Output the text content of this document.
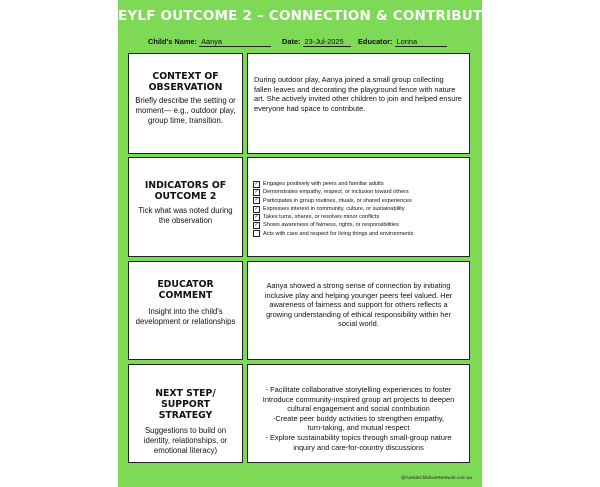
EYLF OUTCOME 2 – CONNECTION & CONTRIBUTION SNAPSHOT
Child's Name: Aanya	Date: 23-Jul-2025	Educator: Lorina
CONTEXT OF OBSERVATION
Briefly describe the setting or moment— e.g., outdoor play, group time, transition.
During outdoor play, Aanya joined a small group collecting fallen leaves and decorating the playground fence with nature art. She actively invited other children to join and helped ensure everyone had space to contribute.
INDICATORS OF OUTCOME 2
Tick what was noted during the observation
✓ Engages positively with peers and familiar adults
✓ Demonstrates empathy, respect, or inclusion toward others
✓ Participates in group routines, rituals, or shared experiences
✓ Expresses interest in community, culture, or sustainability
✓ Takes turns, shares, or resolves minor conflicts
✓ Shows awareness of fairness, rights, or responsibilities
Acts with care and respect for living things and environments
EDUCATOR COMMENT
Insight into the child's development or relationships
Aanya showed a strong sense of connection by initiating inclusive play and helping younger peers feel valued. Her awareness of fairness and support for others reflects a growing understanding of ethical responsibility within her social world.
NEXT STEP/ SUPPORT STRATEGY
Suggestions to build on identity, relationships, or emotional literacy)
- Facilitate collaborative storytelling experiences to foster
Introduce community-inspired group art projects to deepen
cultural engagement and social contribution
-Create peer buddy activities to strengthen empathy,
turn-taking, and mutual respect
- Explore sustainability topics through small-group nature
inquiry and care-for-country discussions
@AussieChildcareNetwork.com.au
